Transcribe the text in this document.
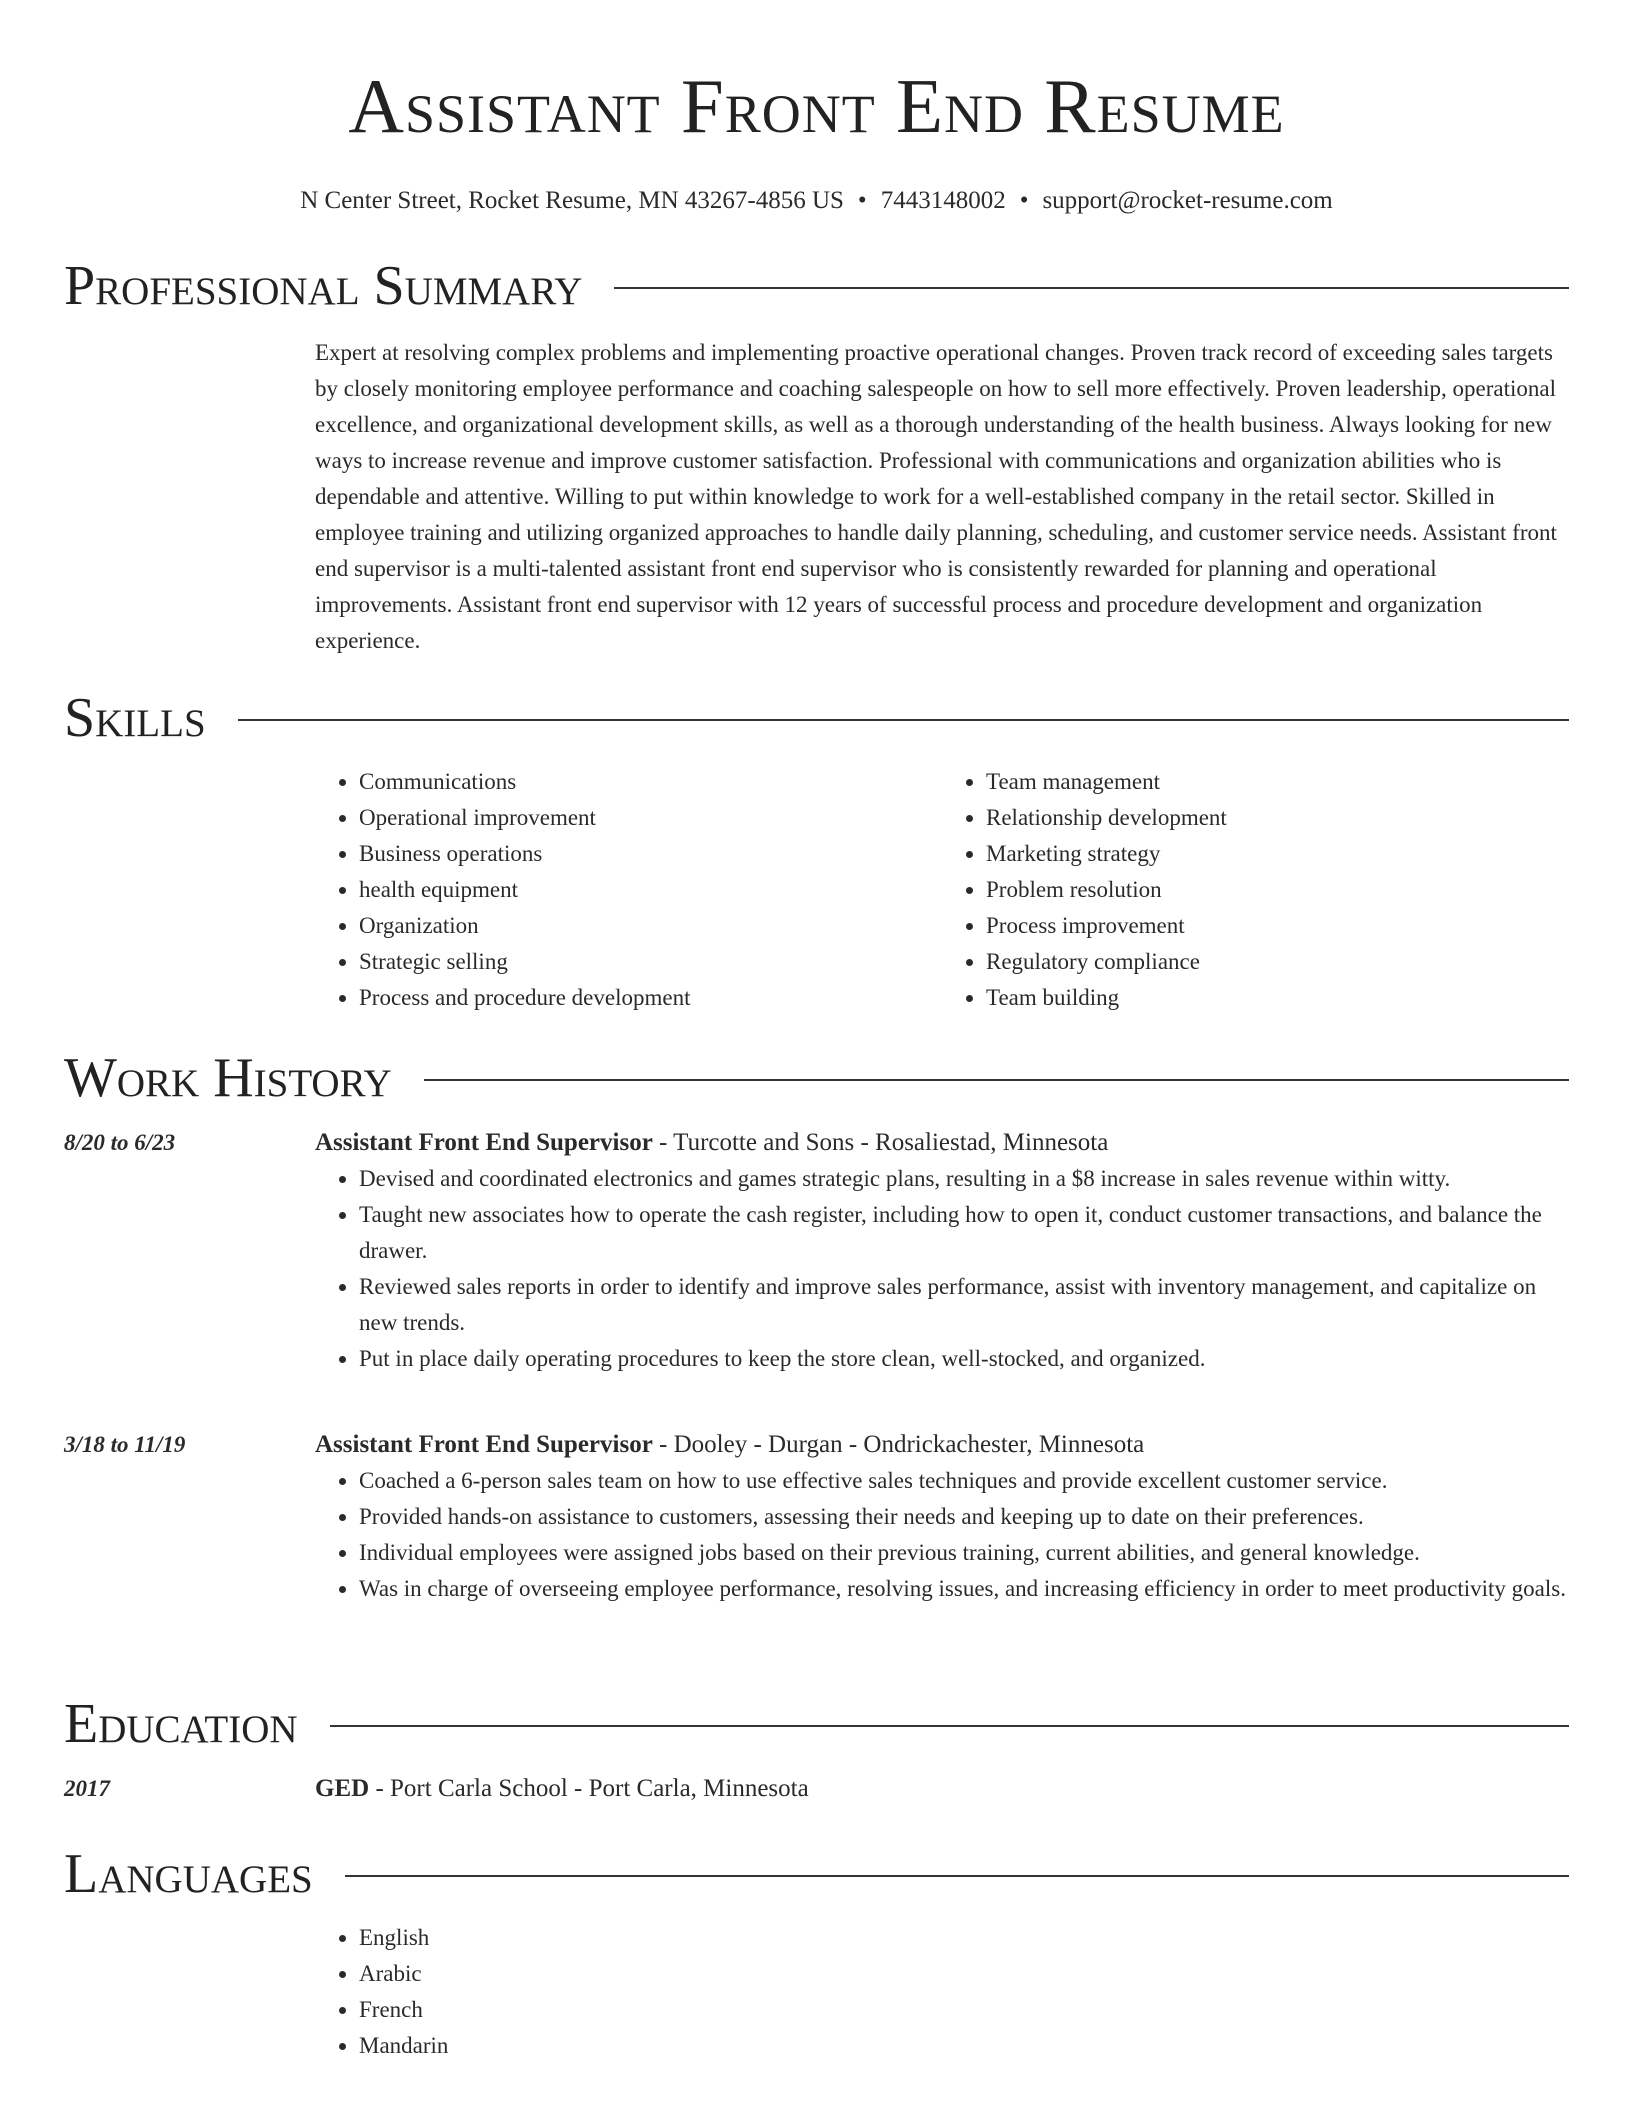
Assistant Front End Resume
N Center Street, Rocket Resume, MN 43267-4856 US • 7443148002 • support@rocket-resume.com
Professional Summary

Expert at resolving complex problems and implementing proactive operational changes. Proven track record of exceeding sales targets by closely monitoring employee performance and coaching salespeople on how to sell more effectively. Proven leadership, operational excellence, and organizational development skills, as well as a thorough understanding of the health business. Always looking for new ways to increase revenue and improve customer satisfaction. Professional with communications and organization abilities who is dependable and attentive. Willing to put within knowledge to work for a well-established company in the retail sector. Skilled in employee training and utilizing organized approaches to handle daily planning, scheduling, and customer service needs. Assistant front end supervisor is a multi-talented assistant front end supervisor who is consistently rewarded for planning and operational improvements. Assistant front end supervisor with 12 years of successful process and procedure development and organization experience.

Skills
• Communications
• Operational improvement
• Business operations
• health equipment
• Organization
• Strategic selling
• Process and procedure development
• Team management
• Relationship development
• Marketing strategy
• Problem resolution
• Process improvement
• Regulatory compliance
• Team building
Work History
8/20 to 6/23	Assistant Front End Supervisor - Turcotte and Sons - Rosaliestad, Minnesota
• Devised and coordinated electronics and games strategic plans, resulting in a $8 increase in sales revenue within witty.
• Taught new associates how to operate the cash register, including how to open it, conduct customer transactions, and balance the drawer.
• Reviewed sales reports in order to identify and improve sales performance, assist with inventory management, and capitalize on new trends.
• Put in place daily operating procedures to keep the store clean, well-stocked, and organized.
3/18 to 11/19	Assistant Front End Supervisor - Dooley - Durgan - Ondrickachester, Minnesota
• Coached a 6-person sales team on how to use effective sales techniques and provide excellent customer service.
• Provided hands-on assistance to customers, assessing their needs and keeping up to date on their preferences.
• Individual employees were assigned jobs based on their previous training, current abilities, and general knowledge.
• Was in charge of overseeing employee performance, resolving issues, and increasing efficiency in order to meet productivity goals.
Education
2017	GED - Port Carla School - Port Carla, Minnesota
Languages
• English
• Arabic
• French
• Mandarin
